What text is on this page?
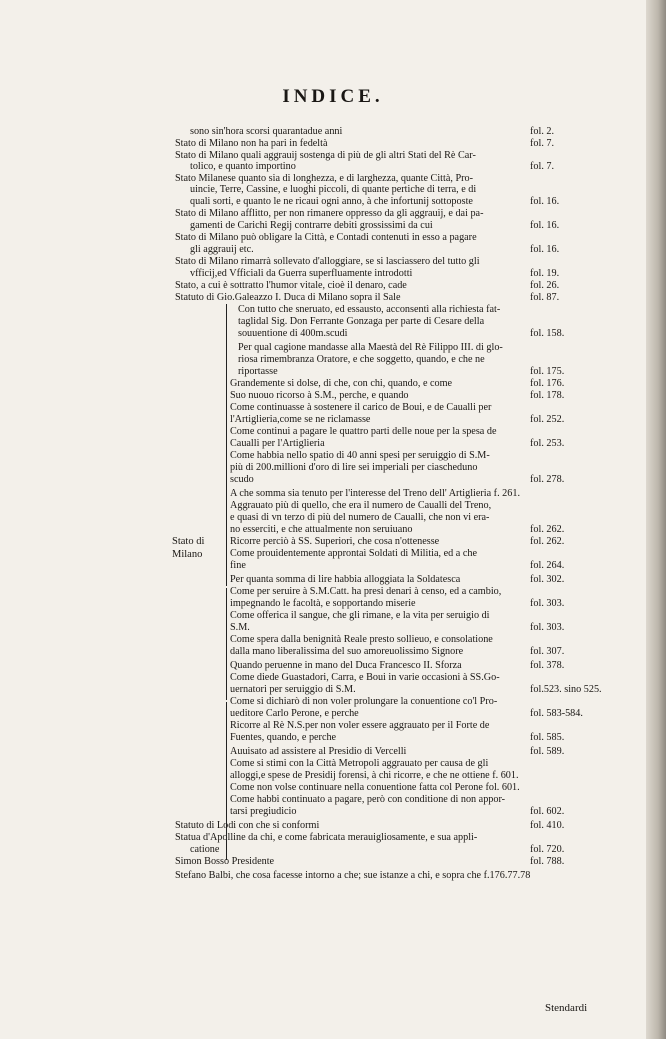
INDICE.
sono sin'hora scorsi quarantadue anni	fol. 2.
Stato di Milano non ha pari in fedeltà	fol. 7.
Stato di Milano quali aggrauij sostenga di più de gli altri Stati del Rè Car-
tolico, e quanto importino	fol. 7.
Stato Milanese quanto sia di longhezza, e di larghezza, quante Città, Pro-
uincie, Terre, Cassine, e luoghi piccoli, di quante pertiche di terra, e di
quali sorti, e quanto le ne ricaui ogni anno, à che infortunij sottoposte	fol. 16.
Stato di Milano afflitto, per non rimanere oppresso da gli aggrauij, e dai pa-
gamenti de Carichi Regij contrarre debiti grossissimi da cui	fol. 16.
Stato di Milano può obligare la Città, e Contadi contenuti in esso a pagare
gli aggrauij etc.	fol. 16.
Stato di Milano rimarrà sollevato d'alloggiare, se si lasciassero del tutto gli
vfficij,ed Vfficiali da Guerra superfluamente introdotti	fol. 19.
Stato, a cui è sottratto l'humor vitale, cioè il denaro, cade	fol. 26.
Statuto di Gio.Galeazzo I. Duca di Milano sopra il Sale	fol. 87.
Con tutto che sneruato, ed essausto, acconsentì alla richiesta fat-
taglidal Sig. Don Ferrante Gonzaga per parte di Cesare della
souuentione di 400m.scudi	fol. 158.
Per qual cagione mandasse alla Maestà del Rè Filippo III. di glo-
riosa rimembranza Oratore, e che soggetto, quando, e che ne
riportasse	fol. 175.
Grandemente si dolse, di che, con chi, quando, e come	fol. 176.
Suo nuouo ricorso à S.M., perche, e quando	fol. 178.
Come continuasse à sostenere il carico de Boui, e de Caualli per
l'Artiglieria,come se ne riclamasse	fol. 252.
Come continui a pagare le quattro parti delle noue per la spesa de
Caualli per l'Artiglieria	fol. 253.
Come habbia nello spatio di 40 anni spesi per seruiggio di S.M-
più di 200.millioni d'oro di lire sei imperiali per ciascheduno
scudo	fol. 278.
A che somma sia tenuto per l'interesse del Treno dell' Artiglieria f. 261.
Aggrauato più di quello, che era il numero de Caualli del Treno,
e quasi di vn terzo di più del numero de Caualli, che non vi era-
no esserciti, e che attualmente non seruiuano	fol. 262.
Ricorre perciò à SS. Superiori, che cosa n'ottenesse	fol. 262.
Come prouidentemente approntaì Soldati di Militia, ed a che
fine	fol. 264.
Per quanta somma di lire habbia alloggiata la Soldatesca	fol. 302.
Come per seruire à S.M.Catt. ha presi denari à censo, ed a cambio,
impegnando le facoltà, e sopportando miserie	fol. 303.
Come offerica il sangue, che gli rimane, e la vita per seruigio di
S.M.	fol. 303.
Come spera dalla benignità Reale presto sollieuo, e consolatione
dalla mano liberalissima del suo amoreuolissimo Signore	fol. 307.
Quando peruenne in mano del Duca Francesco II. Sforza	fol. 378.
Come diede Guastadori, Carra, e Boui in varie occasioni à SS.Go-
uernatori per seruiggio di S.M.	fol.523. sino 525.
Come si dichiarò di non voler prolungare la conuentione co'l Pro-
ueditore Carlo Perone, e perche	fol. 583-584.
Ricorre al Rè N.S.per non voler essere aggrauato per il Forte de
Fuentes, quando, e perche	fol. 585.
Auuisato ad assistere al Presidio di Vercelli	fol. 589.
Come si stimi con la Città Metropoli aggrauato per causa de gli
alloggi,e spese de Presidij forensi, à chi ricorre, e che ne ottiene f. 601.
Come non volse continuare nella conuentione fatta col Perone fol. 601.
Come habbi continuato a pagare, però con conditione di non appor-
tarsi pregiudicio	fol. 602.
Statuto di Lodi con che si conformi	fol. 410.
Statua d'Apolline da chi, e come fabricata merauigliosamente, e sua appli-
catione	fol. 720.
Simon Bosso Presidente	fol. 788.
Stefano Balbi, che cosa facesse intorno a che; sue istanze a chi, e sopra che f.176.77.78
Stato di
Milano
Stendardi
